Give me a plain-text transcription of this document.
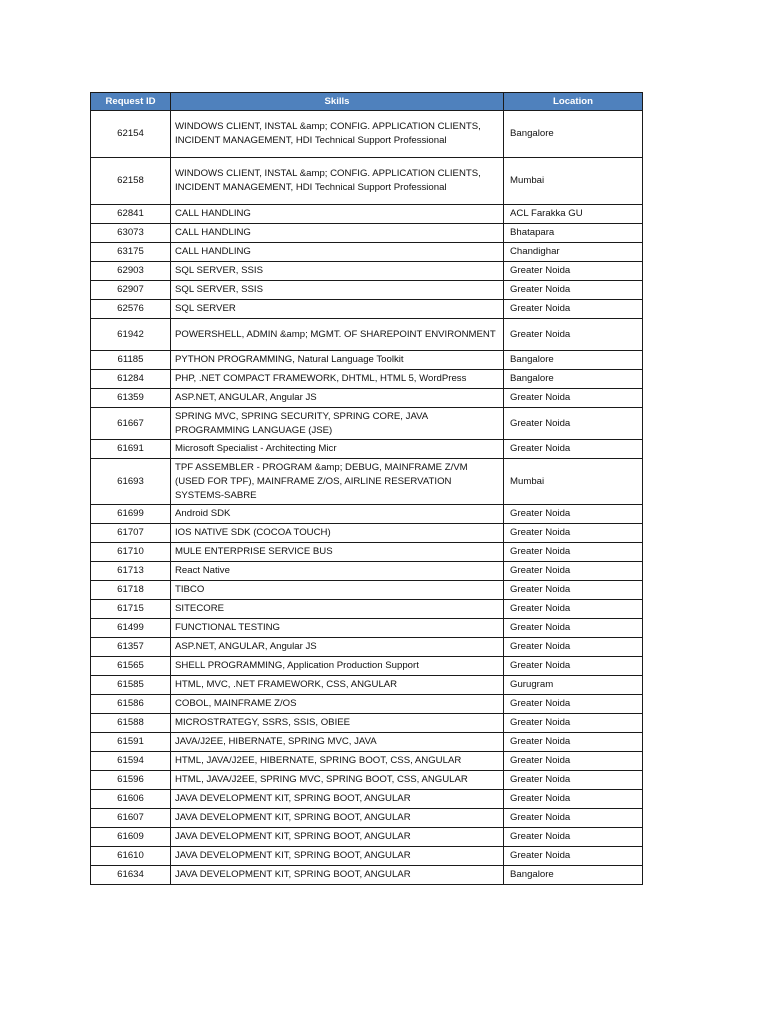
Request ID	Skills	Location
62154	WINDOWS CLIENT, INSTAL &amp; CONFIG. APPLICATION CLIENTS, INCIDENT MANAGEMENT, HDI Technical Support Professional	Bangalore
62158	WINDOWS CLIENT, INSTAL &amp; CONFIG. APPLICATION CLIENTS, INCIDENT MANAGEMENT, HDI Technical Support Professional	Mumbai
62841	CALL HANDLING	ACL Farakka GU
63073	CALL HANDLING	Bhatapara
63175	CALL HANDLING	Chandighar
62903	SQL SERVER, SSIS	Greater Noida
62907	SQL SERVER, SSIS	Greater Noida
62576	SQL SERVER	Greater Noida
61942	POWERSHELL, ADMIN &amp; MGMT. OF SHAREPOINT ENVIRONMENT	Greater Noida
61185	PYTHON PROGRAMMING, Natural Language Toolkit	Bangalore
61284	PHP, .NET COMPACT FRAMEWORK, DHTML, HTML 5, WordPress	Bangalore
61359	ASP.NET, ANGULAR, Angular JS	Greater Noida
61667	SPRING MVC, SPRING SECURITY, SPRING CORE, JAVA PROGRAMMING LANGUAGE (JSE)	Greater Noida
61691	Microsoft Specialist - Architecting Micr	Greater Noida
61693	TPF ASSEMBLER - PROGRAM &amp; DEBUG, MAINFRAME Z/VM (USED FOR TPF), MAINFRAME Z/OS, AIRLINE RESERVATION SYSTEMS-SABRE	Mumbai
61699	Android SDK	Greater Noida
61707	IOS NATIVE SDK (COCOA TOUCH)	Greater Noida
61710	MULE ENTERPRISE SERVICE BUS	Greater Noida
61713	React Native	Greater Noida
61718	TIBCO	Greater Noida
61715	SITECORE	Greater Noida
61499	FUNCTIONAL TESTING	Greater Noida
61357	ASP.NET, ANGULAR, Angular JS	Greater Noida
61565	SHELL PROGRAMMING, Application Production Support	Greater Noida
61585	HTML, MVC, .NET FRAMEWORK, CSS, ANGULAR	Gurugram
61586	COBOL, MAINFRAME Z/OS	Greater Noida
61588	MICROSTRATEGY, SSRS, SSIS, OBIEE	Greater Noida
61591	JAVA/J2EE, HIBERNATE, SPRING MVC, JAVA	Greater Noida
61594	HTML, JAVA/J2EE, HIBERNATE, SPRING BOOT, CSS, ANGULAR	Greater Noida
61596	HTML, JAVA/J2EE, SPRING MVC, SPRING BOOT, CSS, ANGULAR	Greater Noida
61606	JAVA DEVELOPMENT KIT, SPRING BOOT, ANGULAR	Greater Noida
61607	JAVA DEVELOPMENT KIT, SPRING BOOT, ANGULAR	Greater Noida
61609	JAVA DEVELOPMENT KIT, SPRING BOOT, ANGULAR	Greater Noida
61610	JAVA DEVELOPMENT KIT, SPRING BOOT, ANGULAR	Greater Noida
61634	JAVA DEVELOPMENT KIT, SPRING BOOT, ANGULAR	Bangalore
